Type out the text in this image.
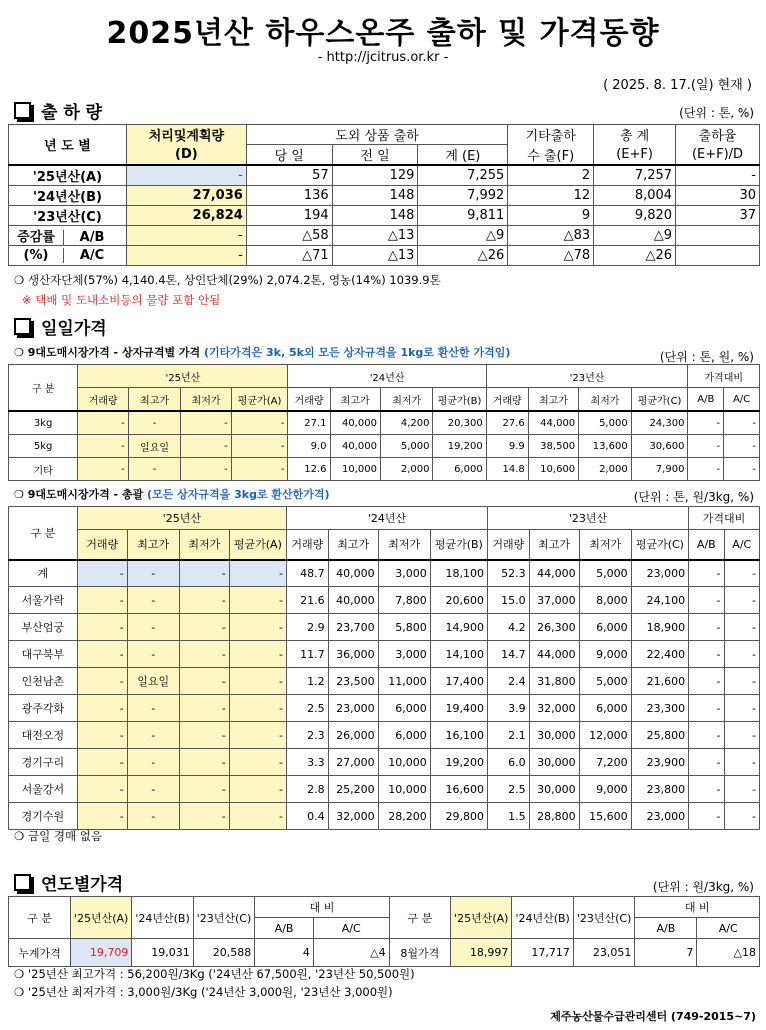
2025년산 하우스온주 출하 및 가격동향
- http://jcitrus.or.kr -
( 2025. 8. 17.(일) 현재 )
출 하 량	(단위 : 톤, %)
년 도 별	처리및계획량	도외 상품 출하			기타출하	총 계	출하율
	(D)	당 일	전 일	계 (E)	수 출(F)	(E+F)	(E+F)/D
'25년산(A)	-	57	129	7,255	2	7,257	-
'24년산(B)	27,036	136	148	7,992	12	8,004	30
'23년산(C)	26,824	194	148	9,811	9	9,820	37
증감률 A/B	-	△58	△13	△9	△83	△9	
(%) A/C	-	△71	△13	△26	△78	△26	
❍ 생산자단체(57%) 4,140.4톤, 상인단체(29%) 2,074.2톤, 영농(14%) 1039.9톤
※ 택배 및 도내소비등의 물량 포함 안됨
일일가격
❍ 9대도매시장가격 - 상자규격별 가격 (기타가격은 3k, 5k외 모든 상자규격을 1kg로 환산한 가격임)	(단위 : 톤, 원, %)
구 분	'25년산				'24년산				'23년산				가격대비	
	거래량	최고가	최저가	평균가(A)	거래량	최고가	최저가	평균가(B)	거래량	최고가	최저가	평균가(C)	A/B	A/C
3kg	-	-	-	-	27.1	40,000	4,200	20,300	27.6	44,000	5,000	24,300	-	-
5kg	-	일요일	-	-	9.0	40,000	5,000	19,200	9.9	38,500	13,600	30,600	-	-
기타	-	-	-	-	12.6	10,000	2,000	6,000	14.8	10,600	2,000	7,900	-	-
❍ 9대도매시장가격 - 총괄 (모든 상자규격을 3kg로 환산한가격)	(단위 : 톤, 원/3kg, %)
구 분	'25년산				'24년산				'23년산				가격대비	
	거래량	최고가	최저가	평균가(A)	거래량	최고가	최저가	평균가(B)	거래량	최고가	최저가	평균가(C)	A/B	A/C
계	-	-	-	-	48.7	40,000	3,000	18,100	52.3	44,000	5,000	23,000	-	-
서울가락	-	-	-	-	21.6	40,000	7,800	20,600	15.0	37,000	8,000	24,100	-	-
부산엄궁	-	-	-	-	2.9	23,700	5,800	14,900	4.2	26,300	6,000	18,900	-	-
대구북부	-	-	-	-	11.7	36,000	3,000	14,100	14.7	44,000	9,000	22,400	-	-
인천남촌	-	일요일	-	-	1.2	23,500	11,000	17,400	2.4	31,800	5,000	21,600	-	-
광주각화	-	-	-	-	2.5	23,000	6,000	19,400	3.9	32,000	6,000	23,300	-	-
대전오정	-	-	-	-	2.3	26,000	6,000	16,100	2.1	30,000	12,000	25,800	-	-
경기구리	-	-	-	-	3.3	27,000	10,000	19,200	6.0	30,000	7,200	23,900	-	-
서울강서	-	-	-	-	2.8	25,200	10,000	16,600	2.5	30,000	9,000	23,800	-	-
경기수원	-	-	-	-	0.4	32,000	28,200	29,800	1.5	28,800	15,600	23,000	-	-
❍ 금일 경매 없음
연도별가격	(단위 : 원/3kg, %)
구 분	'25년산(A)	'24년산(B)	'23년산(C)	대 비		구 분	'25년산(A)	'24년산(B)	'23년산(C)	대 비	
				A/B	A/C					A/B	A/C
누계가격	19,709	19,031	20,588	4	△4	8월가격	18,997	17,717	23,051	7	△18
❍ '25년산 최고가격 : 56,200원/3Kg ('24년산 67,500원, '23년산 50,500원)
❍ '25년산 최저가격 : 3,000원/3Kg ('24년산 3,000원, '23년산 3,000원)
제주농산물수급관리센터 (749-2015~7)
